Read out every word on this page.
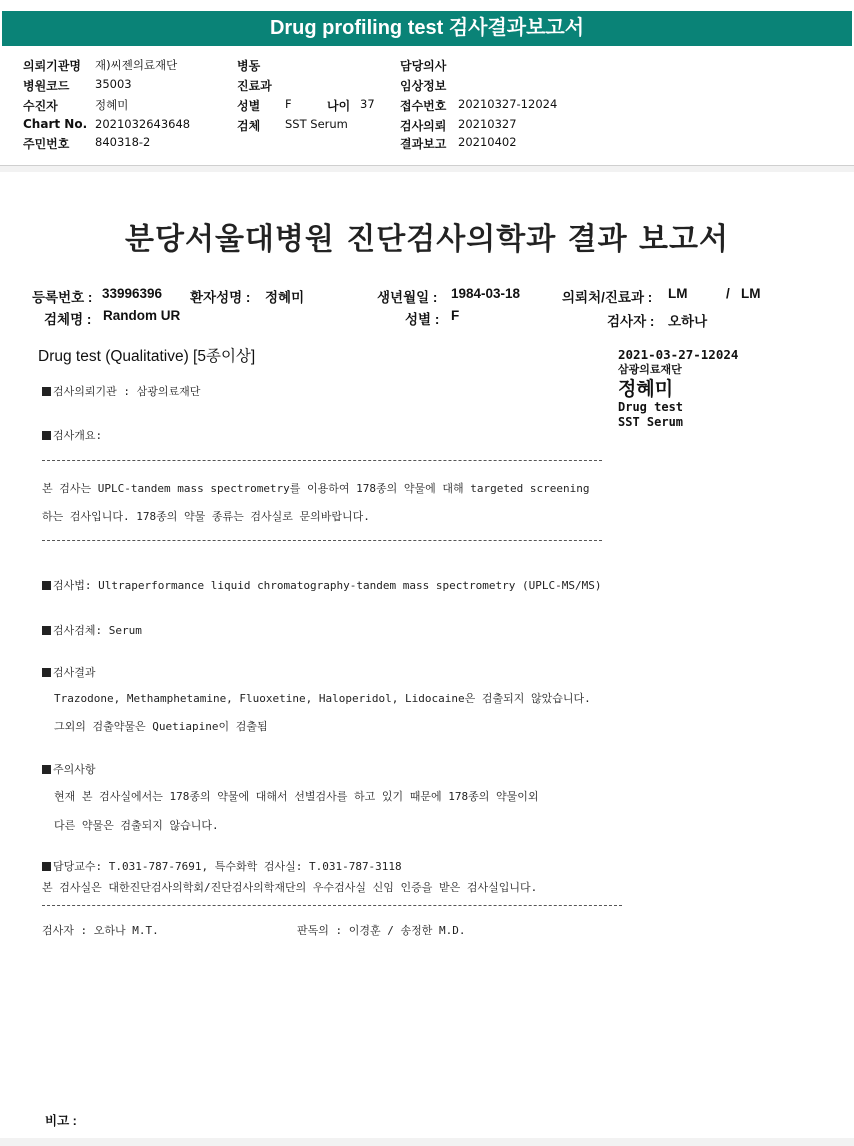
Drug profiling test 검사결과보고서
의뢰기관명 재)씨젠의료재단
병원코드 35003
수진자	정혜미
Chart No. 2021032643648
주민번호 840318-2
병동
진료과
성별 F	나이 37
검체 SST Serum
담당의사
임상정보
접수번호 20210327-12024
검사의뢰 20210327
결과보고 20210402
분당서울대병원 진단검사의학과 결과 보고서
등록번호 : 33996396 환자성명 : 정혜미	생년월일 : 1984-03-18	의뢰처/진료과 : LM	/ LM
검체명 : Random UR	성별 : F	검사자 : 오하나
Drug test (Qualitative) [5종이상]	2021-03-27-12024
삼광의료재단
정혜미
Drug test
SST Serum
검사의뢰기관 : 삼광의료재단
검사개요:
본 검사는 UPLC-tandem mass spectrometry를 이용하여 178종의 약물에 대해 targeted screening
하는 검사입니다. 178종의 약물 종류는 검사실로 문의바랍니다.
검사법: Ultraperformance liquid chromatography-tandem mass spectrometry (UPLC-MS/MS)
검사검체: Serum
검사결과
Trazodone, Methamphetamine, Fluoxetine, Haloperidol, Lidocaine은 검출되지 않았습니다.
그외의 검출약물은 Quetiapine이 검출됨
주의사항
현재 본 검사실에서는 178종의 약물에 대해서 선별검사를 하고 있기 때문에 178종의 약물이외
다른 약물은 검출되지 않습니다.
담당교수: T.031-787-7691, 특수화학 검사실: T.031-787-3118
본 검사실은 대한진단검사의학회/진단검사의학재단의 우수검사실 신임 인증을 받은 검사실입니다.
검사자 : 오하나 M.T.	판독의 : 이경훈 / 송정한 M.D.
비고 :
